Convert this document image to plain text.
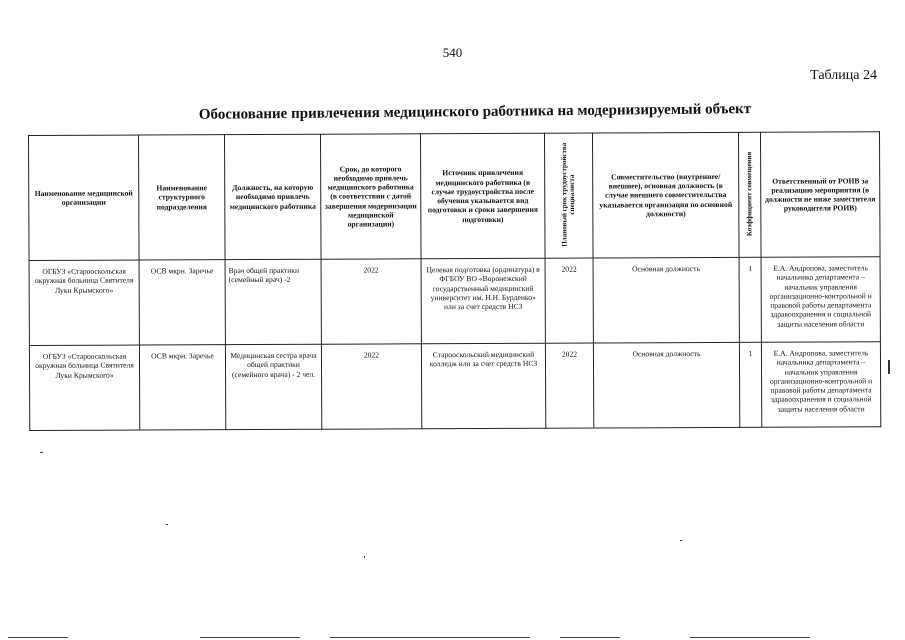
540
Таблица 24
Обоснование привлечения медицинского работника на модернизируемый объект
Наименование медицинской организации	Наименование структурного подразделения	Должность, на которую необходимо привлечь медицинского работника	Срок, до которого необходимо привлечь медицинского работника (в соответствии с датой завершения модернизации медицинской организации)	Источник привлечения медицинского работника (в случае трудоустройства после обучения указывается вид подготовки и сроки завершения подготовки)	Плановый срок трудоустройства специалиста	Совместительство (внутреннее/ внешнее), основная должность (в случае внешнего совместительства указывается организация по основной должности)	Коэффициент совмещения	Ответственный от РОИВ за реализацию мероприятия (в должности не ниже заместителя руководителя РОИВ)
ОГБУЗ «Старооскольская окружная больница Святителя Луки Крымского»	ОСВ мкрн. Заречье	Врач общей практики (семейный врач) -2	2022	Целевая подготовка (ординатура) в ФГБОУ ВО «Воронежский государственный медицинский университет им. Н.Н. Бурденко» или за счет средств НСЗ	2022	Основная должность	1	Е.А. Андропова, заместитель начальника департамента – начальник управления организационно-контрольной и правовой работы департамента здравоохранения и социальной защиты населения области
ОГБУЗ «Старооскольская окружная больница Святителя Луки Крымского»	ОСВ мкрн. Заречье	Медицинская сестра врача общей практики (семейного врача) - 2 чел.	2022	Старооскольский медицинский колледж или за счет средств НСЗ	2022	Основная должность	1	Е.А. Андропова, заместитель начальника департамента – начальник управления организационно-контрольной и правовой работы департамента здравоохранения и социальной защиты населения области
